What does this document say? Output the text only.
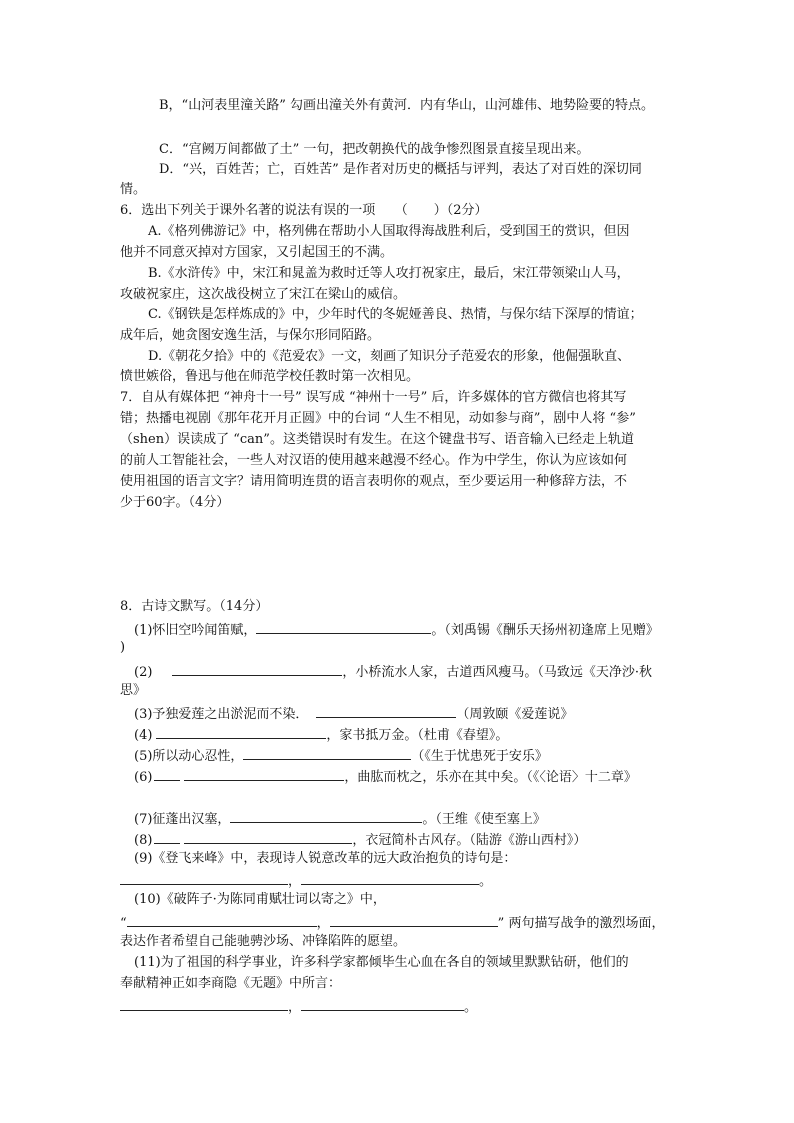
B，“山河表里潼关路” 勾画出潼关外有黄河．内有华山，山河雄伟、地势险要的特点。
C．“宫阙万间都做了土” 一句，把改朝换代的战争惨烈图景直接呈现出来。
D．“兴，百姓苦；亡，百姓苦” 是作者对历史的概括与评判，表达了对百姓的深切同
情。
6．选出下列关于课外名著的说法有误的一项　　（　　）（2分）
A.《格列佛游记》中，格列佛在帮助小人国取得海战胜利后，受到国王的赏识，但因
他并不同意灭掉对方国家，又引起国王的不满。
B.《水浒传》中，宋江和晁盖为救时迁等人攻打祝家庄，最后，宋江带领梁山人马，
攻破祝家庄，这次战役树立了宋江在梁山的威信。
C.《钢铁是怎样炼成的》中，少年时代的冬妮娅善良、热情，与保尔结下深厚的情谊；
成年后，她贪图安逸生活，与保尔形同陌路。
D.《朝花夕拾》中的《范爱农》一文，刻画了知识分子范爱农的形象，他倔强耿直、
愤世嫉俗，鲁迅与他在师范学校任教时第一次相见。
7．自从有媒体把 “神舟十一号” 误写成 “神州十一号” 后，许多媒体的官方微信也将其写
错；热播电视剧《那年花开月正圆》中的台词 “人生不相见，动如参与商”，剧中人将 “参”
（shen）误读成了 “can”。这类错误时有发生。在这个键盘书写、语音输入已经走上轨道
的前人工智能社会，一些人对汉语的使用越来越漫不经心。作为中学生，你认为应该如何
使用祖国的语言文字？请用简明连贯的语言表明你的观点，至少要运用一种修辞方法，不
少于60字。（4分）
8．古诗文默写。（14分）
(1)怀旧空吟闻笛赋，	。（刘禹锡《酬乐天扬州初逢席上见赠》
)
(2)	，小桥流水人家，古道西风瘦马。（马致远《天净沙·秋
思》
(3)予独爱莲之出淤泥而不染．	（周敦颐《爱莲说》
(4)	，家书抵万金。（杜甫《春望》。
(5)所以动心忍性，	（《生于忧患死于安乐》
(6)	，曲肱而枕之，乐亦在其中矣。（《〈论语〉十二章》
(7)征蓬出汉塞，	。（王维《使至塞上》
(8)	，衣冠简朴古风存。（陆游《游山西村》）
(9)《登飞来峰》中，表现诗人锐意改革的远大政治抱负的诗句是：
，	。
(10)《破阵子·为陈同甫赋壮词以寄之》中，
“	，	” 两句描写战争的激烈场面，
表达作者希望自己能驰骋沙场、冲锋陷阵的愿望。
(11)为了祖国的科学事业，许多科学家都倾毕生心血在各自的领域里默默钻研，他们的
奉献精神正如李商隐《无题》中所言：
，	。
